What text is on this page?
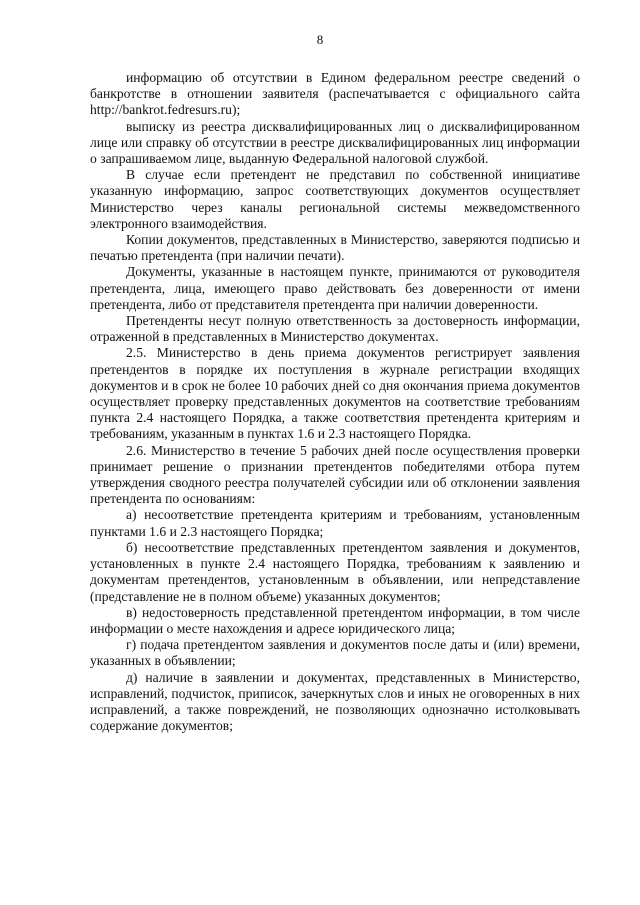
8

информацию об отсутствии в Едином федеральном реестре сведений о банкротстве в отношении заявителя (распечатывается с официального сайта http://bankrot.fedresurs.ru);

выписку из реестра дисквалифицированных лиц о дисквалифицированном лице или справку об отсутствии в реестре дисквалифицированных лиц информации о запрашиваемом лице, выданную Федеральной налоговой службой.

В случае если претендент не представил по собственной инициативе указанную информацию, запрос соответствующих документов осуществляет Министерство через каналы региональной системы межведомственного электронного взаимодействия.

Копии документов, представленных в Министерство, заверяются подписью и печатью претендента (при наличии печати).

Документы, указанные в настоящем пункте, принимаются от руководителя претендента, лица, имеющего право действовать без доверенности от имени претендента, либо от представителя претендента при наличии доверенности.

Претенденты несут полную ответственность за достоверность информации, отраженной в представленных в Министерство документах.

2.5. Министерство в день приема документов регистрирует заявления претендентов в порядке их поступления в журнале регистрации входящих документов и в срок не более 10 рабочих дней со дня окончания приема документов осуществляет проверку представленных документов на соответствие требованиям пункта 2.4 настоящего Порядка, а также соответствия претендента критериям и требованиям, указанным в пунктах 1.6 и 2.3 настоящего Порядка.

2.6. Министерство в течение 5 рабочих дней после осуществления проверки принимает решение о признании претендентов победителями отбора путем утверждения сводного реестра получателей субсидии или об отклонении заявления претендента по основаниям:

а) несоответствие претендента критериям и требованиям, установленным пунктами 1.6 и 2.3 настоящего Порядка;

б) несоответствие представленных претендентом заявления и документов, установленных в пункте 2.4 настоящего Порядка, требованиям к заявлению и документам претендентов, установленным в объявлении, или непредставление (представление не в полном объеме) указанных документов;

в) недостоверность представленной претендентом информации, в том числе информации о месте нахождения и адресе юридического лица;

г) подача претендентом заявления и документов после даты и (или) времени, указанных в объявлении;

д) наличие в заявлении и документах, представленных в Министерство, исправлений, подчисток, приписок, зачеркнутых слов и иных не оговоренных в них исправлений, а также повреждений, не позволяющих однозначно истолковывать содержание документов;
